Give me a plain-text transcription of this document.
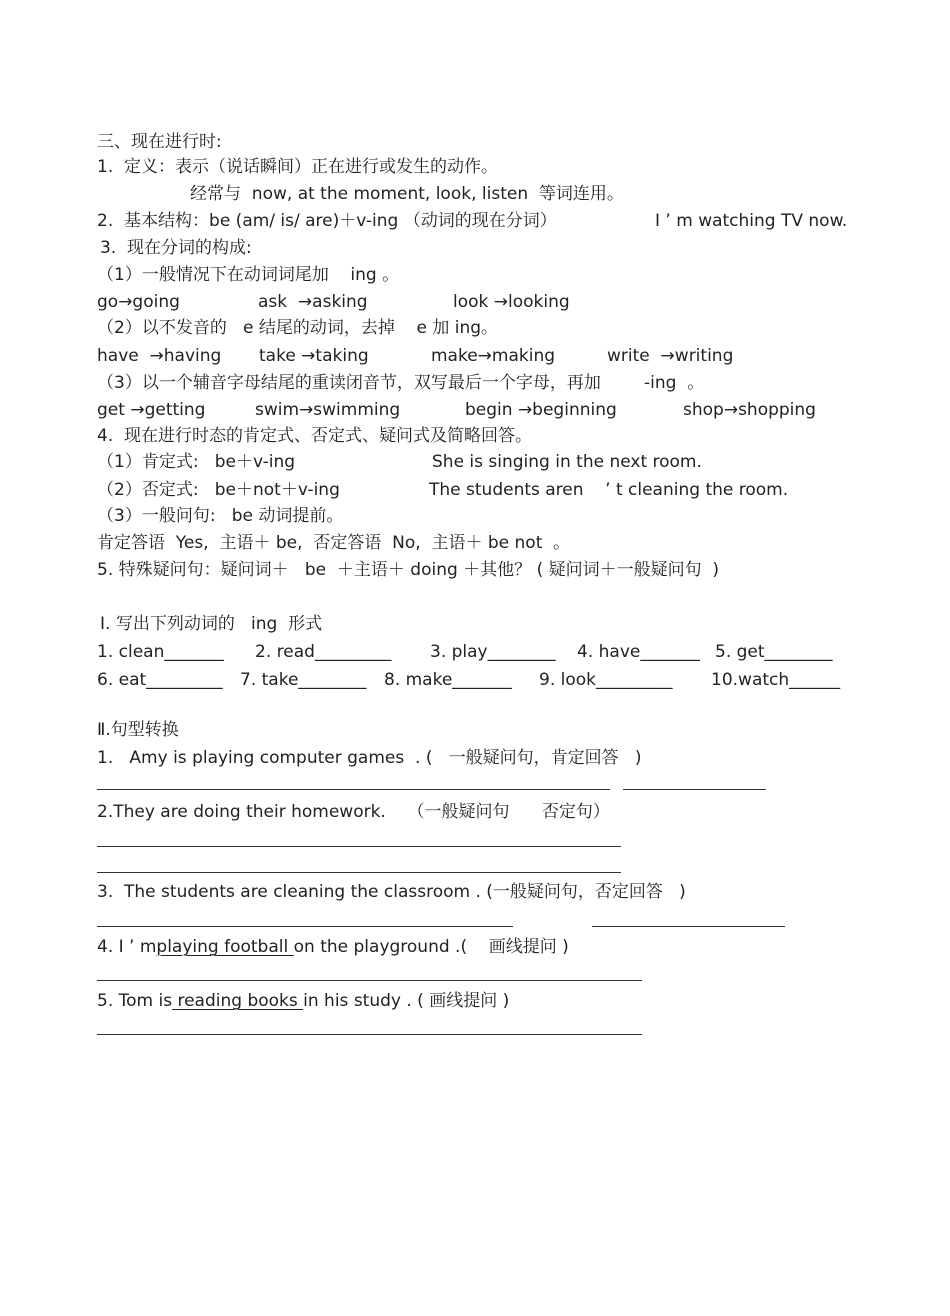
三、现在进行时:
1.  定义：表示（说话瞬间）正在进行或发生的动作。
经常与  now, at the moment, look, listen  等词连用。
2.  基本结构：be (am/ is/ are)＋v-ing （动词的现在分词）	I ’ m watching TV now.
3.  现在分词的构成:
（1）一般情况下在动词词尾加    ing 。
go→going	ask  →asking	look →looking
（2）以不发音的   e 结尾的动词，去掉    e 加 ing。
have  →having take →taking	make→making	write  →writing
（3）以一个辅音字母结尾的重读闭音节，双写最后一个字母，再加        -ing  。
get →getting	swim→swimming	begin →beginning	shop→shopping
4.  现在进行时态的肯定式、否定式、疑问式及简略回答。
（1）肯定式:   be＋v-ing	She is singing in the next room.
（2）否定式:   be＋not＋v-ing	The students aren    ’ t cleaning the room.
（3）一般问句:   be 动词提前。
肯定答语  Yes,  主语＋ be,  否定答语  No,  主语＋ be not  。
5. 特殊疑问句：疑问词＋   be  ＋主语＋ doing ＋其他？ ( 疑问词＋一般疑问句  )
Ⅰ. 写出下列动词的   ing  形式
1. clean_______ 2. read_________ 3. play________ 4. have_______ 5. get________
6. eat_________ 7. take________ 8. make_______ 9. look_________ 10.watch______
Ⅱ.句型转换
1.   Amy is playing computer games  . (   一般疑问句，肯定回答   )
2.They are doing their homework.    （一般疑问句      否定句）
3.  The students are cleaning the classroom . (一般疑问句，否定回答   )
4. I ’ mplaying football on the playground .(    画线提问 )
5. Tom is reading books in his study . ( 画线提问 )
